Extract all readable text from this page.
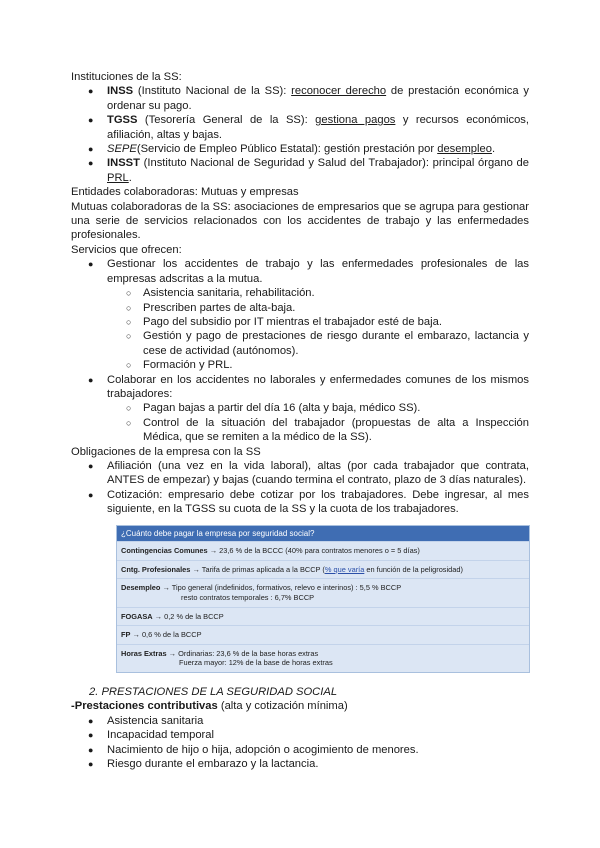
Instituciones de la SS:

● INSS (Instituto Nacional de la SS): reconocer derecho de prestación económica y ordenar su pago.
● TGSS (Tesorería General de la SS): gestiona pagos y recursos económicos, afiliación, altas y bajas.
● SEPE(Servicio de Empleo Público Estatal): gestión prestación por desempleo.
● INSST (Instituto Nacional de Seguridad y Salud del Trabajador): principal órgano de PRL.

Entidades colaboradoras: Mutuas y empresas

Mutuas colaboradoras de la SS: asociaciones de empresarios que se agrupa para gestionar una serie de servicios relacionados con los accidentes de trabajo y las enfermedades profesionales.

Servicios que ofrecen:

● Gestionar los accidentes de trabajo y las enfermedades profesionales de las empresas adscritas a la mutua.
○ Asistencia sanitaria, rehabilitación.
○ Prescriben partes de alta-baja.
○ Pago del subsidio por IT mientras el trabajador esté de baja.
○ Gestión y pago de prestaciones de riesgo durante el embarazo, lactancia y cese de actividad (autónomos).
○ Formación y PRL.
● Colaborar en los accidentes no laborales y enfermedades comunes de los mismos trabajadores:
○ Pagan bajas a partir del día 16 (alta y baja, médico SS).
○ Control de la situación del trabajador (propuestas de alta a Inspección Médica, que se remiten a la médico de la SS).

Obligaciones de la empresa con la SS

● Afiliación (una vez en la vida laboral), altas (por cada trabajador que contrata, ANTES de empezar) y bajas (cuando termina el contrato, plazo de 3 días naturales).
● Cotización: empresario debe cotizar por los trabajadores. Debe ingresar, al mes siguiente, en la TGSS su cuota de la SS y la cuota de los trabajadores.
¿Cuánto debe pagar la empresa por seguridad social?
Contingencias Comunes → 23,6 % de la BCCC (40% para contratos menores o = 5 días)
Cntg. Profesionales → Tarifa de primas aplicada a la BCCP (% que varía en función de la peligrosidad)
Desempleo → Tipo general (indefinidos, formativos, relevo e interinos) : 5,5 % BCCP
resto contratos temporales : 6,7% BCCP
FOGASA → 0,2 % de la BCCP
FP → 0,6 % de la BCCP
Horas Extras → Ordinarias: 23,6 % de la base horas extras
Fuerza mayor: 12% de la base de horas extras

2. PRESTACIONES DE LA SEGURIDAD SOCIAL

-Prestaciones contributivas (alta y cotización mínima)

● Asistencia sanitaria
● Incapacidad temporal
● Nacimiento de hijo o hija, adopción o acogimiento de menores.
● Riesgo durante el embarazo y la lactancia.
